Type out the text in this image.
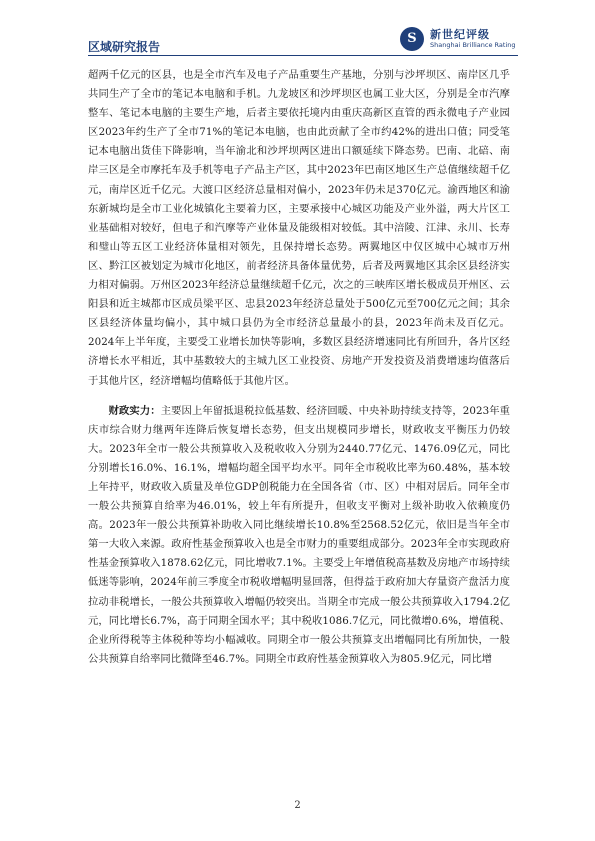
区域研究报告
S	新世纪评级
Shanghai Brilliance Rating

超两千亿元的区县，也是全市汽车及电子产品重要生产基地，分别与沙坪坝区、南岸区几乎共同生产了全市的笔记本电脑和手机。九龙坡区和沙坪坝区也属工业大区，分别是全市汽摩整车、笔记本电脑的主要生产地，后者主要依托境内由重庆高新区直管的西永微电子产业园区2023年约生产了全市71%的笔记本电脑，也由此贡献了全市约42%的进出口值；同受笔记本电脑出货佳下降影响，当年渝北和沙坪坝两区进出口额延续下降态势。巴南、北碚、南岸三区是全市摩托车及手机等电子产品主产区，其中2023年巴南区地区生产总值继续超千亿元，南岸区近千亿元。大渡口区经济总量相对偏小，2023年仍未足370亿元。渝西地区和渝东新城均是全市工业化城镇化主要着力区，主要承接中心城区功能及产业外溢，两大片区工业基础相对较好，但电子和汽摩等产业体量及能级相对较低。其中涪陵、江津、永川、长寿和璧山等五区工业经济体量相对领先，且保持增长态势。两翼地区中仅区城中心城市万州区、黔江区被划定为城市化地区，前者经济具备体量优势，后者及两翼地区其余区县经济实力相对偏弱。万州区2023年经济总量继续超千亿元，次之的三峡库区增长极成员开州区、云阳县和近主城都市区成员梁平区、忠县2023年经济总量处于500亿元至700亿元之间；其余区县经济体量均偏小，其中城口县仍为全市经济总量最小的县，2023年尚未及百亿元。2024年上半年度，主要受工业增长加快等影响，多数区县经济增速同比有所回升，各片区经济增长水平相近，其中基数较大的主城九区工业投资、房地产开发投资及消费增速均值落后于其他片区，经济增幅均值略低于其他片区。

财政实力：主要因上年留抵退税拉低基数、经济回暖、中央补助持续支持等，2023年重庆市综合财力继两年连降后恢复增长态势，但支出规模同步增长，财政收支平衡压力仍较大。2023年全市一般公共预算收入及税收收入分别为2440.77亿元、1476.09亿元，同比分别增长16.0%、16.1%，增幅均超全国平均水平。同年全市税收比率为60.48%，基本较上年持平，财政收入质量及单位GDP创税能力在全国各省（市、区）中相对居后。同年全市一般公共预算自给率为46.01%，较上年有所提升，但收支平衡对上级补助收入依赖度仍高。2023年一般公共预算补助收入同比继续增长10.8%至2568.52亿元，依旧是当年全市第一大收入来源。政府性基金预算收入也是全市财力的重要组成部分。2023年全市实现政府性基金预算收入1878.62亿元，同比增收7.1%。主要受上年增值税高基数及房地产市场持续低迷等影响，2024年前三季度全市税收增幅明显回落，但得益于政府加大存量资产盘活力度拉动非税增长，一般公共预算收入增幅仍较突出。当期全市完成一般公共预算收入1794.2亿元，同比增长6.7%，高于同期全国水平；其中税收1086.7亿元，同比微增0.6%，增值税、企业所得税等主体税种等均小幅减收。同期全市一般公共预算支出增幅同比有所加快，一般公共预算自给率同比微降至46.7%。同期全市政府性基金预算收入为805.9亿元，同比增

2
